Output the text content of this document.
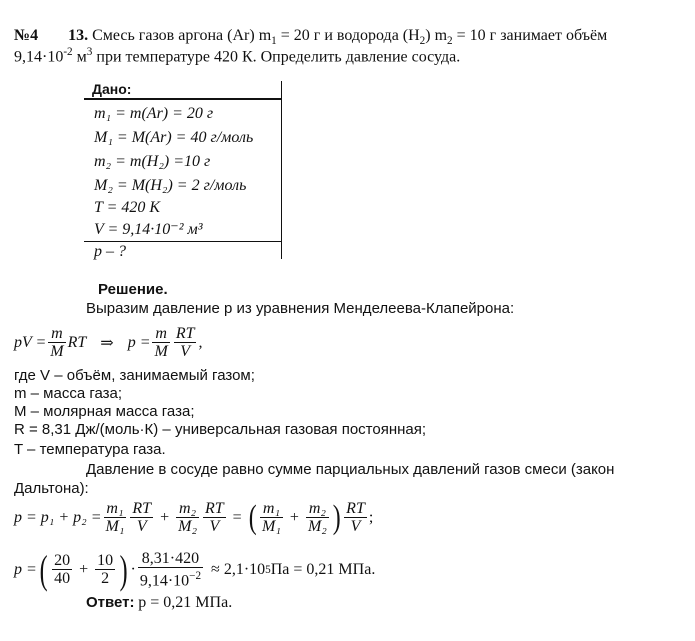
№4 13. Смесь газов аргона (Ar) $m_1 = 20$ г и водорода $(H_2) m_2 = 10$ г занимает объём
$9,14\cdot 10^{-2}$ $м^3$ при температуре 420 К. Определить давление сосуда.
Дано:
m₁ = m(Ar) = 20 г
M₁ = M(Ar) = 40 г/моль
m₂ = m(H₂) =10 г
M₂ = M(H₂) = 2 г/моль
T = 420 К
V = 9,14·10⁻² м³
p – ?
Решение.
Выразим давление p из уравнения Менделеева-Клапейрона:
pV = $\frac{m}{M}$ RT ⇒ $p = \frac{m}{M} \frac{RT}{V}$ ,
где V – объём, занимаемый газом;
m – масса газа;
M – молярная масса газа;
R = 8,31 Дж/(моль·К) – универсальная газовая постоянная;
T – температура газа.
Давление в сосуде равно сумме парциальных давлений газов смеси (закон
Дальтона):
$p = p_1 + p_2 = \frac{\text{m₁}}{\text{M₁}} \frac{RT}{V} + \frac{\text{m₂}}{\text{M₂}} \frac{RT}{V}$ = ( $\frac{\text{m₁}}{\text{M₁}} + \frac{\text{m₂}}{\text{M₂}}$ ) $\frac{RT}{V}$ ;
p = ( $\frac{20}{40} + \frac{10}{2}$ ) · $\frac{8,31\cdot 420}{9,14\cdot 10^{-2}} \approx 2,1\cdot 10$ 5 Па = 0,21 МПа.
Ответ: p = 0,21 МПа.
